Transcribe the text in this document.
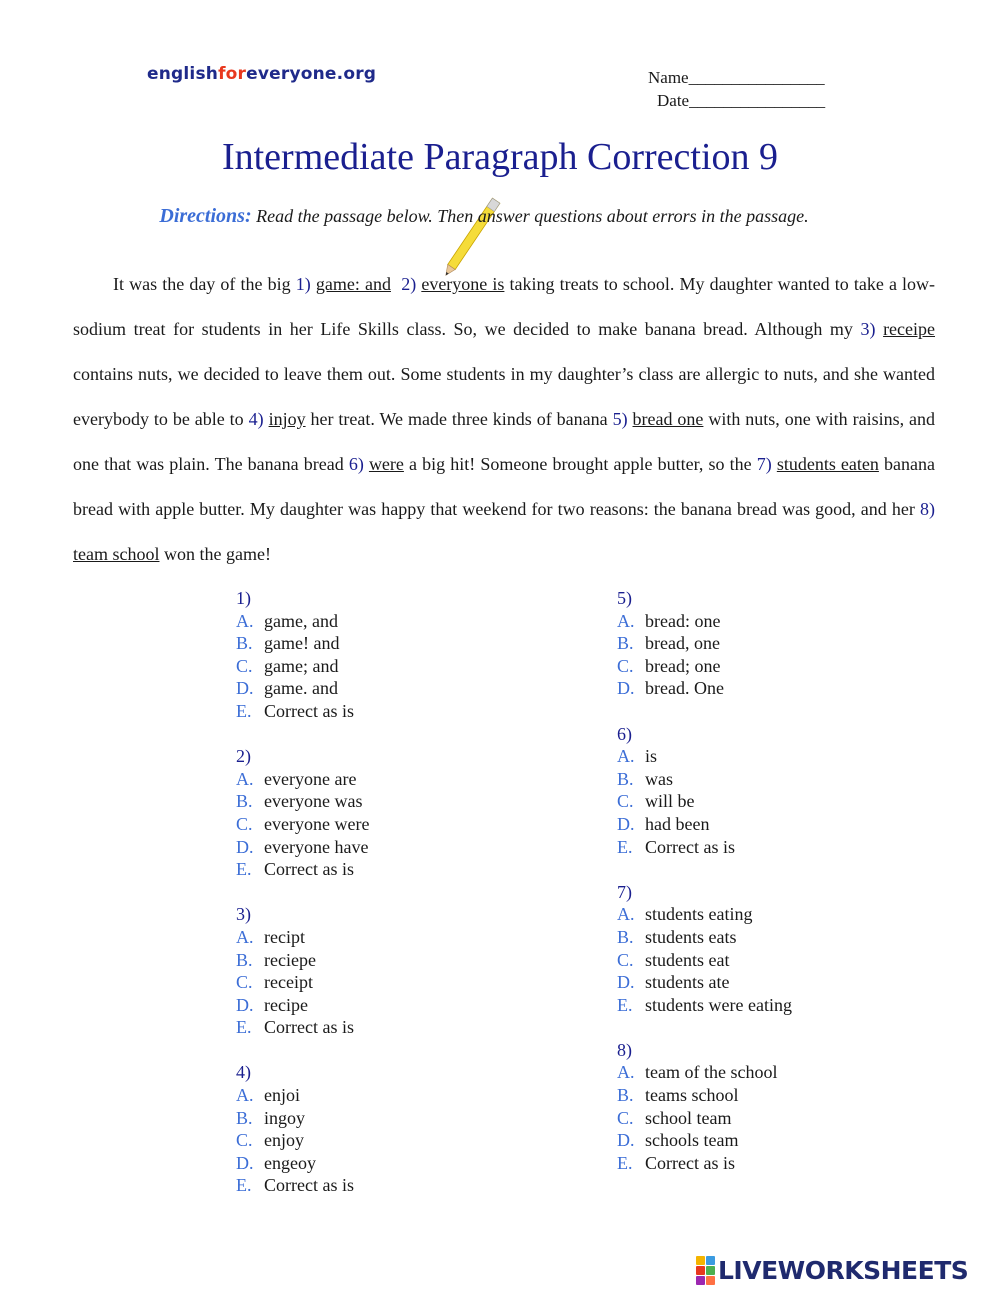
englishforeveryone.org	Name________________
Date________________
Intermediate Paragraph Correction 9
Directions: Read the passage below. Then answer questions about errors in the passage.
It was the day of the big 1) game: and 2) everyone is taking treats to school. My daughter wanted to take a low-sodium treat for students in her Life Skills class. So, we decided to make banana bread. Although my 3) receipe contains nuts, we decided to leave them out. Some students in my daughter’s class are allergic to nuts, and she wanted everybody to be able to 4) injoy her treat. We made three kinds of banana 5) bread one with nuts, one with raisins, and one that was plain. The banana bread 6) were a big hit! Someone brought apple butter, so the 7) students eaten banana bread with apple butter. My daughter was happy that weekend for two reasons: the banana bread was good, and her 8) team school won the game!
1)
A. game, and
B. game! and
C. game; and
D. game. and
E. Correct as is
2)
A. everyone are
B. everyone was
C. everyone were
D. everyone have
E. Correct as is
3)
A. recipt
B. reciepe
C. receipt
D. recipe
E. Correct as is
4)
A. enjoi
B. ingoy
C. enjoy
D. engeoy
E. Correct as is
5)
A. bread: one
B. bread, one
C. bread; one
D. bread. One
6)
A. is
B. was
C. will be
D. had been
E. Correct as is
7)
A. students eating
B. students eats
C. students eat
D. students ate
E. students were eating
8)
A. team of the school
B. teams school
C. school team
D. schools team
E. Correct as is
LIVEWORKSHEETS
